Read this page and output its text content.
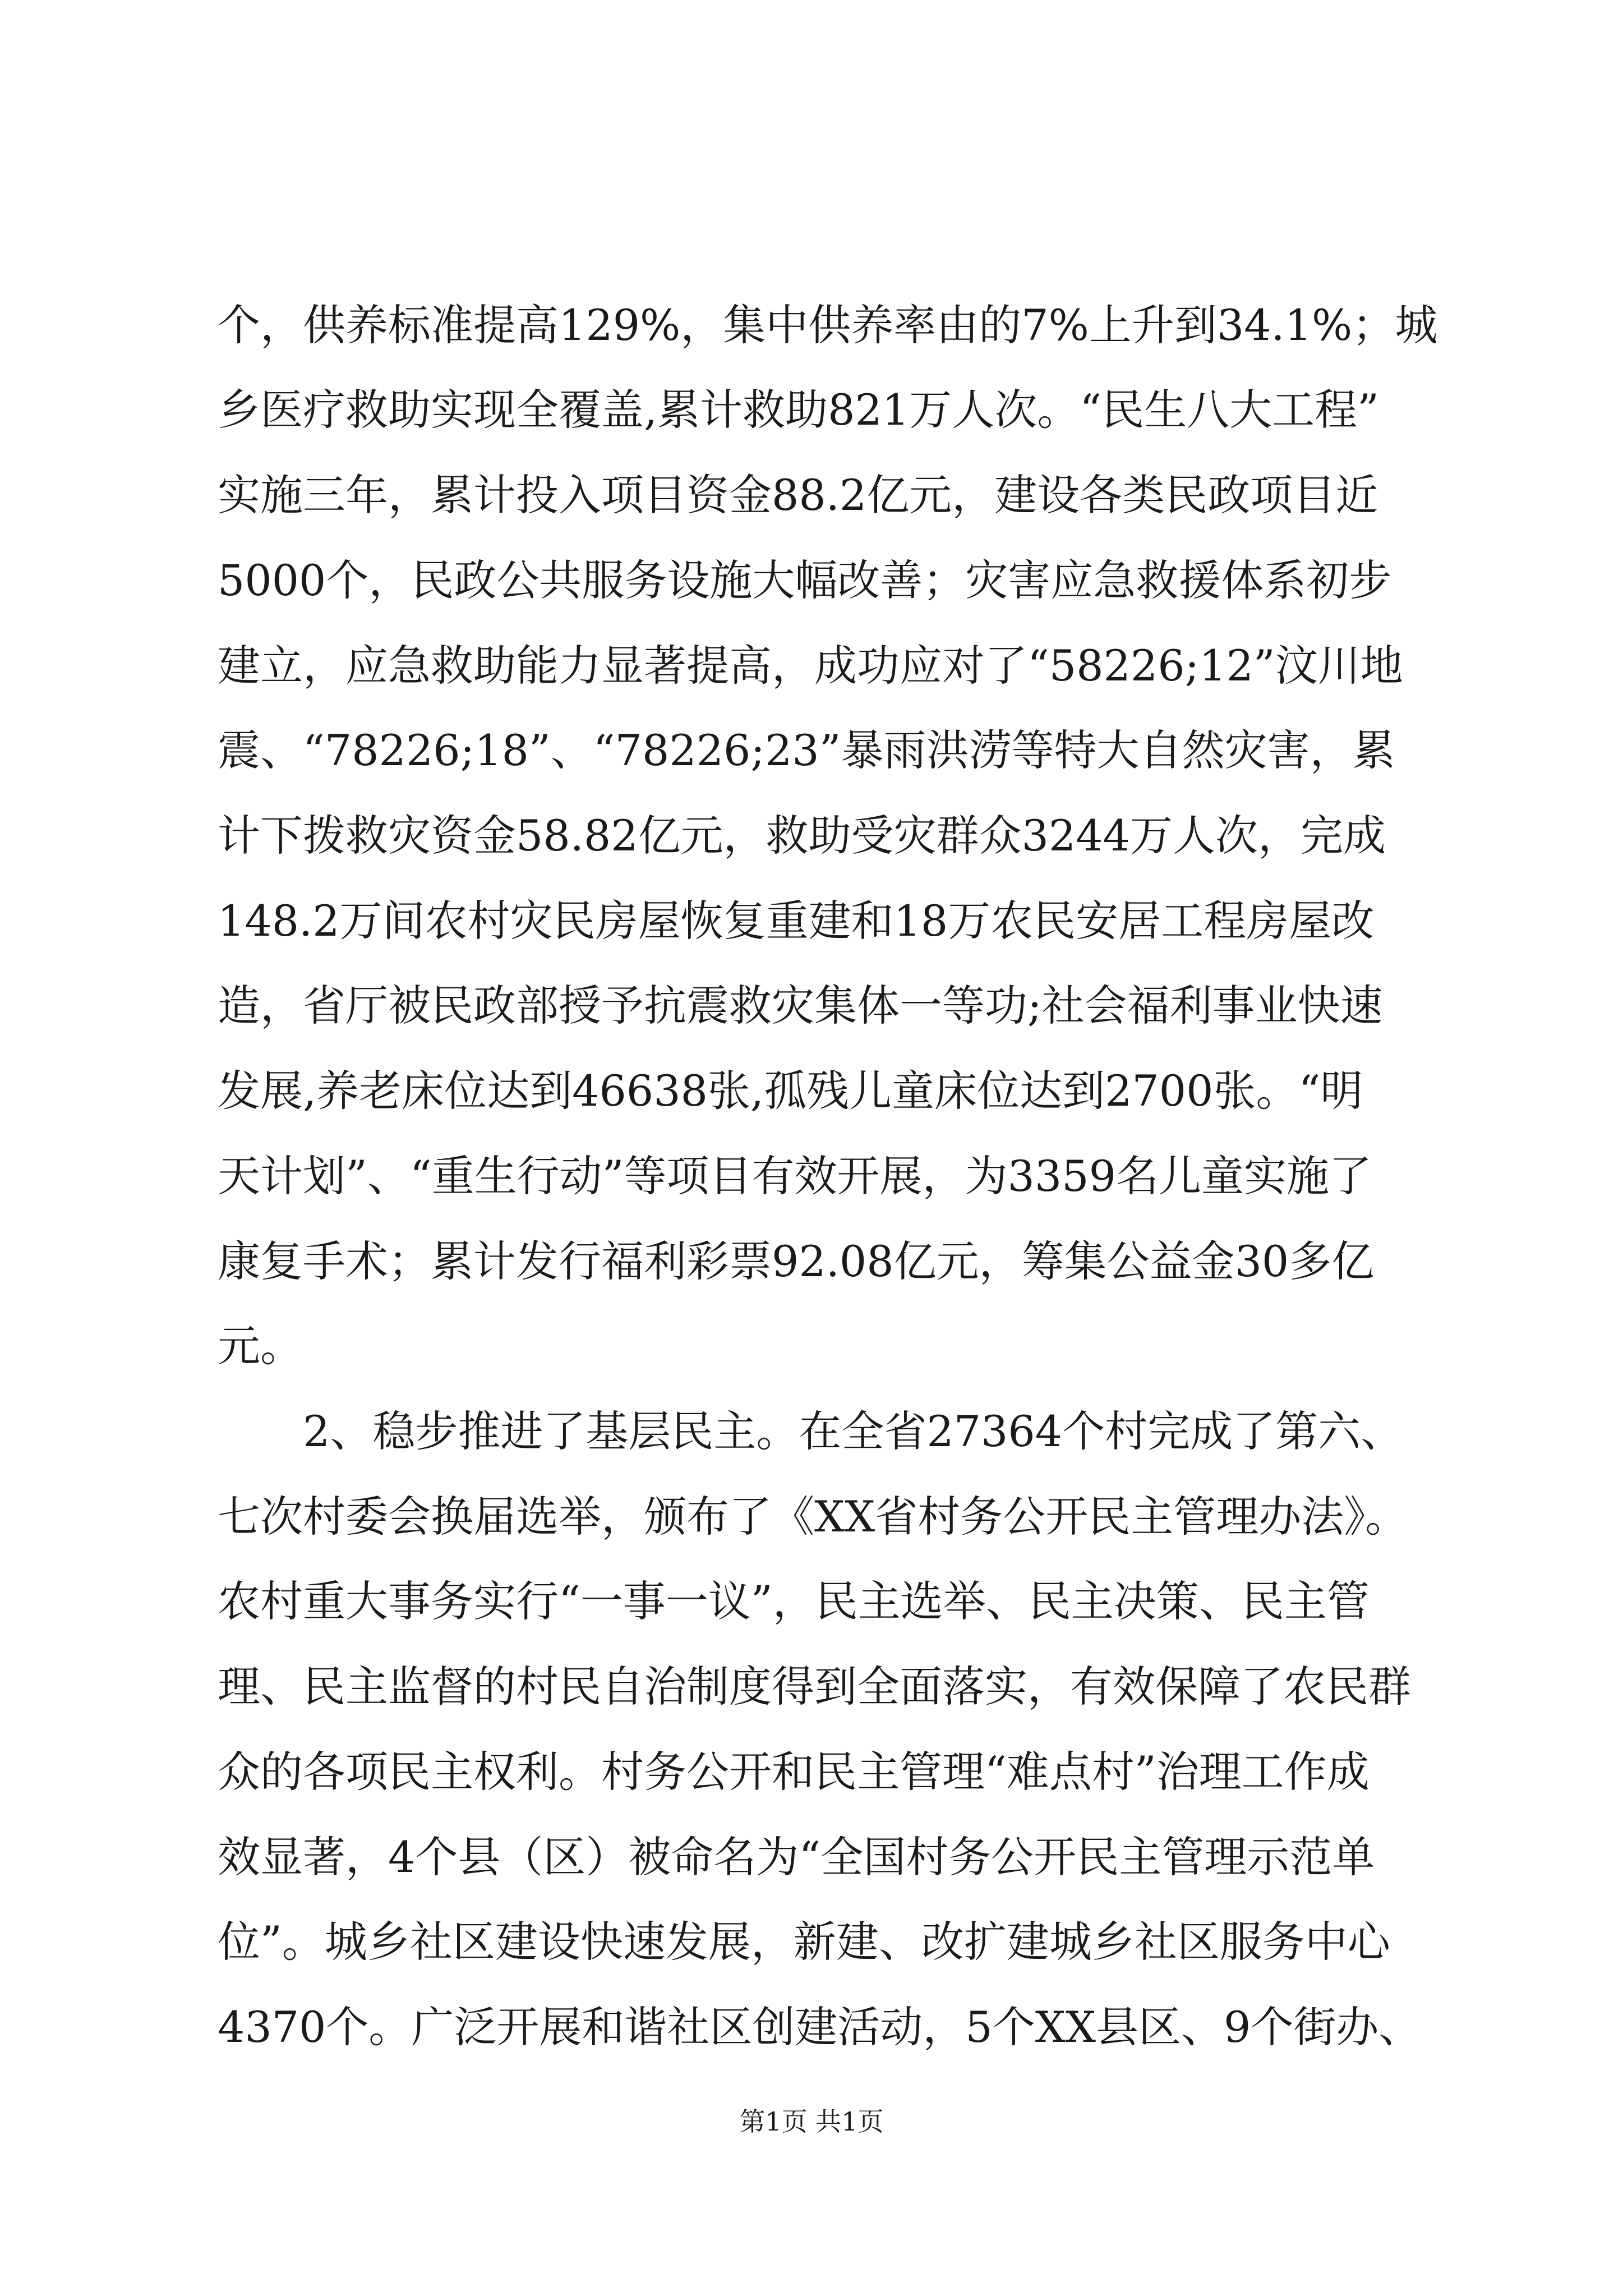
个，供养标准提高129%，集中供养率由的7%上升到34.1%；城
乡医疗救助实现全覆盖,累计救助821万人次。“民生八大工程”
实施三年，累计投入项目资金88.2亿元，建设各类民政项目近
5000个，民政公共服务设施大幅改善；灾害应急救援体系初步
建立，应急救助能力显著提高，成功应对了“58226;12”汶川地
震、“78226;18”、“78226;23”暴雨洪涝等特大自然灾害，累
计下拨救灾资金58.82亿元，救助受灾群众3244万人次，完成
148.2万间农村灾民房屋恢复重建和18万农民安居工程房屋改
造，省厅被民政部授予抗震救灾集体一等功;社会福利事业快速
发展,养老床位达到46638张,孤残儿童床位达到2700张。“明
天计划”、“重生行动”等项目有效开展，为3359名儿童实施了
康复手术；累计发行福利彩票92.08亿元，筹集公益金30多亿
元。
2、稳步推进了基层民主。在全省27364个村完成了第六、
七次村委会换届选举，颁布了《XX省村务公开民主管理办法》。
农村重大事务实行“一事一议”，民主选举、民主决策、民主管
理、民主监督的村民自治制度得到全面落实，有效保障了农民群
众的各项民主权利。村务公开和民主管理“难点村”治理工作成
效显著，4个县（区）被命名为“全国村务公开民主管理示范单
位”。城乡社区建设快速发展，新建、改扩建城乡社区服务中心
4370个。广泛开展和谐社区创建活动，5个XX县区、9个街办、
第1页 共1页
